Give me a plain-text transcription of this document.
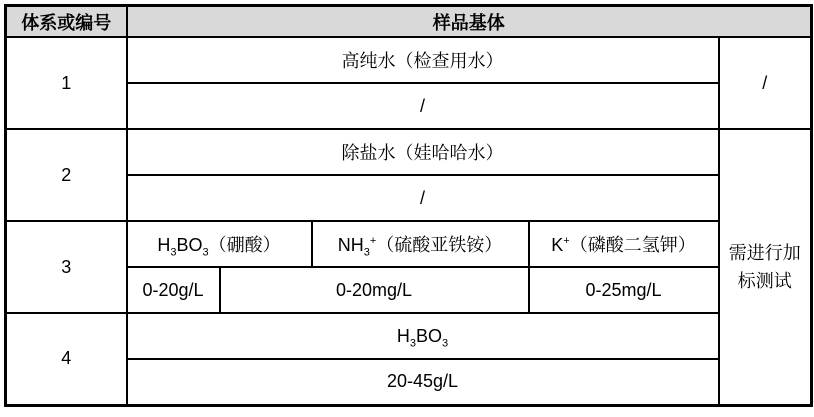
体系或编号	样品基体				
1	高纯水（检查用水）				/
	/				
2	除盐水（娃哈哈水）				需进行加标测试
	/				
3	$H_3BO_3$（硼酸）		$NH_3^+$（硫酸亚铁铵）	K+（磷酸二氢钾）	
	0-20g/L	0-20mg/L		0-25mg/L	
4	$H_3BO_3$
	20-45g/L				
